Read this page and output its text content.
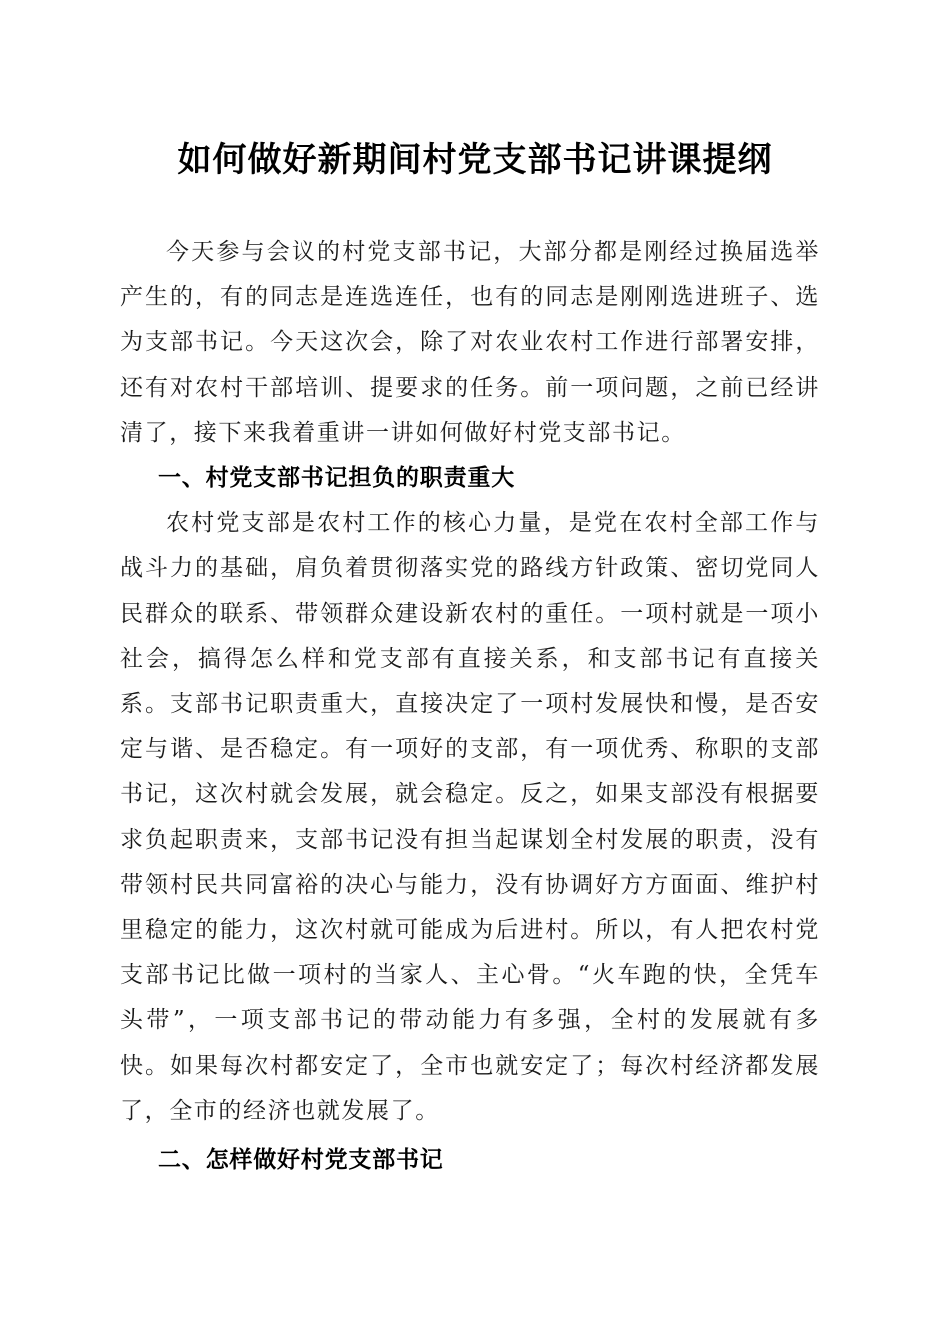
如何做好新期间村党支部书记讲课提纲

今天参与会议的村党支部书记，大部分都是刚经过换届选举产生的，有的同志是连选连任，也有的同志是刚刚选进班子、选为支部书记。今天这次会，除了对农业农村工作进行部署安排，还有对农村干部培训、提要求的任务。前一项问题，之前已经讲清了，接下来我着重讲一讲如何做好村党支部书记。

一、村党支部书记担负的职责重大

农村党支部是农村工作的核心力量，是党在农村全部工作与战斗力的基础，肩负着贯彻落实党的路线方针政策、密切党同人民群众的联系、带领群众建设新农村的重任。一项村就是一项小社会，搞得怎么样和党支部有直接关系，和支部书记有直接关系。支部书记职责重大，直接决定了一项村发展快和慢，是否安定与谐、是否稳定。有一项好的支部，有一项优秀、称职的支部书记，这次村就会发展，就会稳定。反之，如果支部没有根据要求负起职责来，支部书记没有担当起谋划全村发展的职责，没有带领村民共同富裕的决心与能力，没有协调好方方面面、维护村里稳定的能力，这次村就可能成为后进村。所以，有人把农村党支部书记比做一项村的当家人、主心骨。“火车跑的快，全凭车头带”，一项支部书记的带动能力有多强，全村的发展就有多快。如果每次村都安定了，全市也就安定了；每次村经济都发展了，全市的经济也就发展了。

二、怎样做好村党支部书记
